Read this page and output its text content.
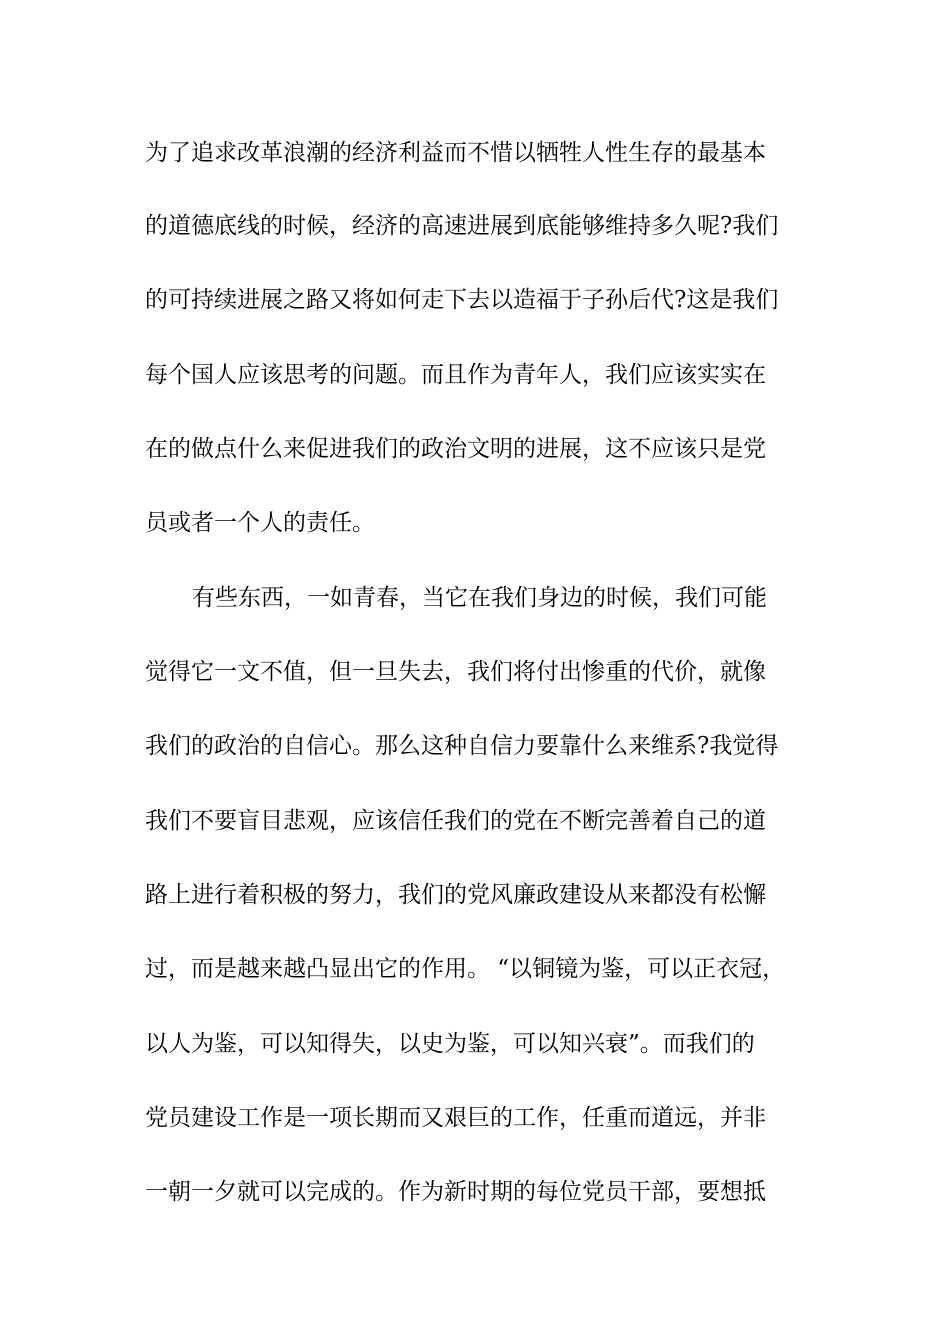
为了追求改革浪潮的经济利益而不惜以牺牲人性生存的最基本
的道德底线的时候，经济的高速进展到底能够维持多久呢?我们
的可持续进展之路又将如何走下去以造福于子孙后代?这是我们
每个国人应该思考的问题。而且作为青年人，我们应该实实在
在的做点什么来促进我们的政治文明的进展，这不应该只是党
员或者一个人的责任。
有些东西，一如青春，当它在我们身边的时候，我们可能
觉得它一文不值，但一旦失去，我们将付出惨重的代价，就像
我们的政治的自信心。那么这种自信力要靠什么来维系?我觉得
我们不要盲目悲观，应该信任我们的党在不断完善着自己的道
路上进行着积极的努力，我们的党风廉政建设从来都没有松懈
过，而是越来越凸显出它的作用。 “以铜镜为鉴，可以正衣冠，
以人为鉴，可以知得失，以史为鉴，可以知兴衰”。而我们的
党员建设工作是一项长期而又艰巨的工作，任重而道远，并非
一朝一夕就可以完成的。作为新时期的每位党员干部，要想抵
